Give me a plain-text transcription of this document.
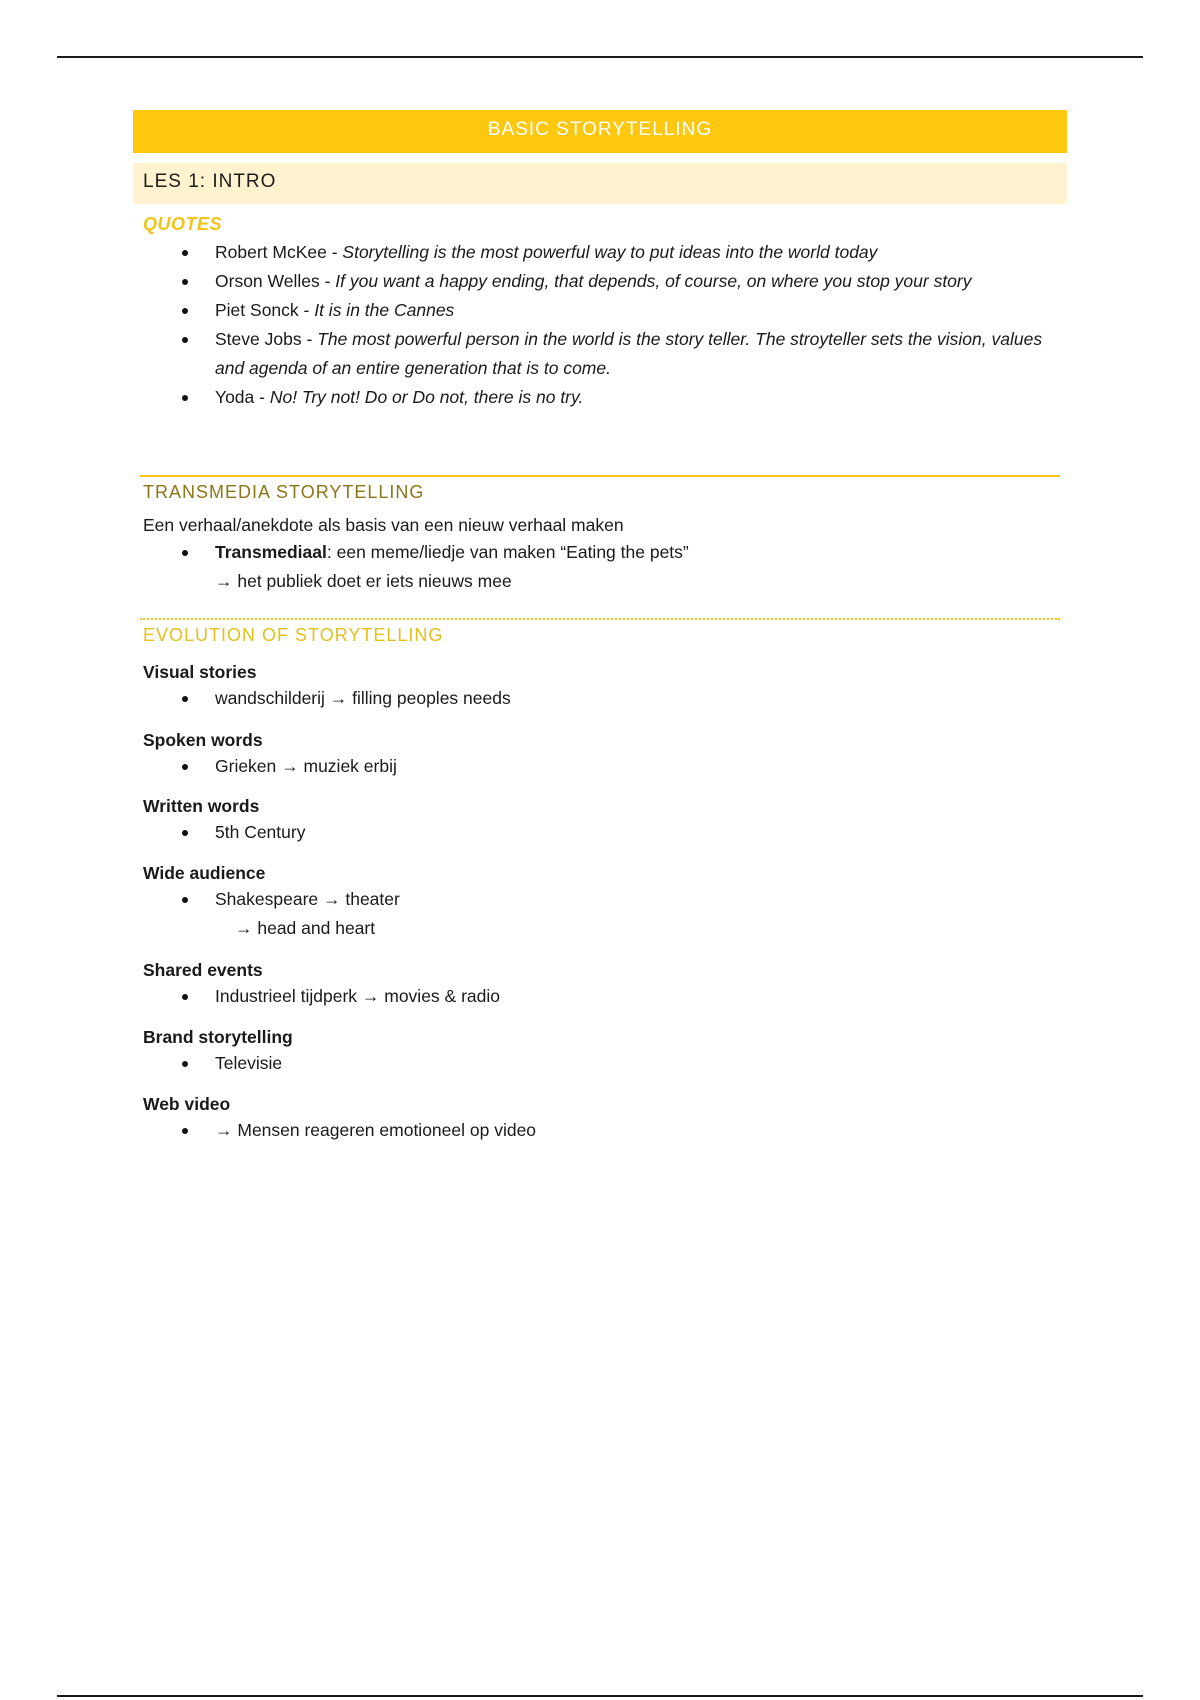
BASIC STORYTELLING
LES 1: INTRO
QUOTES
Robert McKee - Storytelling is the most powerful way to put ideas into the world today
Orson Welles - If you want a happy ending, that depends, of course, on where you stop your story
Piet Sonck - It is in the Cannes
Steve Jobs - The most powerful person in the world is the story teller. The stroyteller sets the vision, values and agenda of an entire generation that is to come.
Yoda - No! Try not! Do or Do not, there is no try.
TRANSMEDIA STORYTELLING
Een verhaal/anekdote als basis van een nieuw verhaal maken
Transmediaal: een meme/liedje van maken “Eating the pets”
→ het publiek doet er iets nieuws mee
EVOLUTION OF STORYTELLING
Visual stories
wandschilderij → filling peoples needs
Spoken words
Grieken → muziek erbij
Written words
5th Century
Wide audience
Shakespeare → theater
→ head and heart
Shared events
Industrieel tijdperk → movies & radio
Brand storytelling
Televisie
Web video
→ Mensen reageren emotioneel op video
